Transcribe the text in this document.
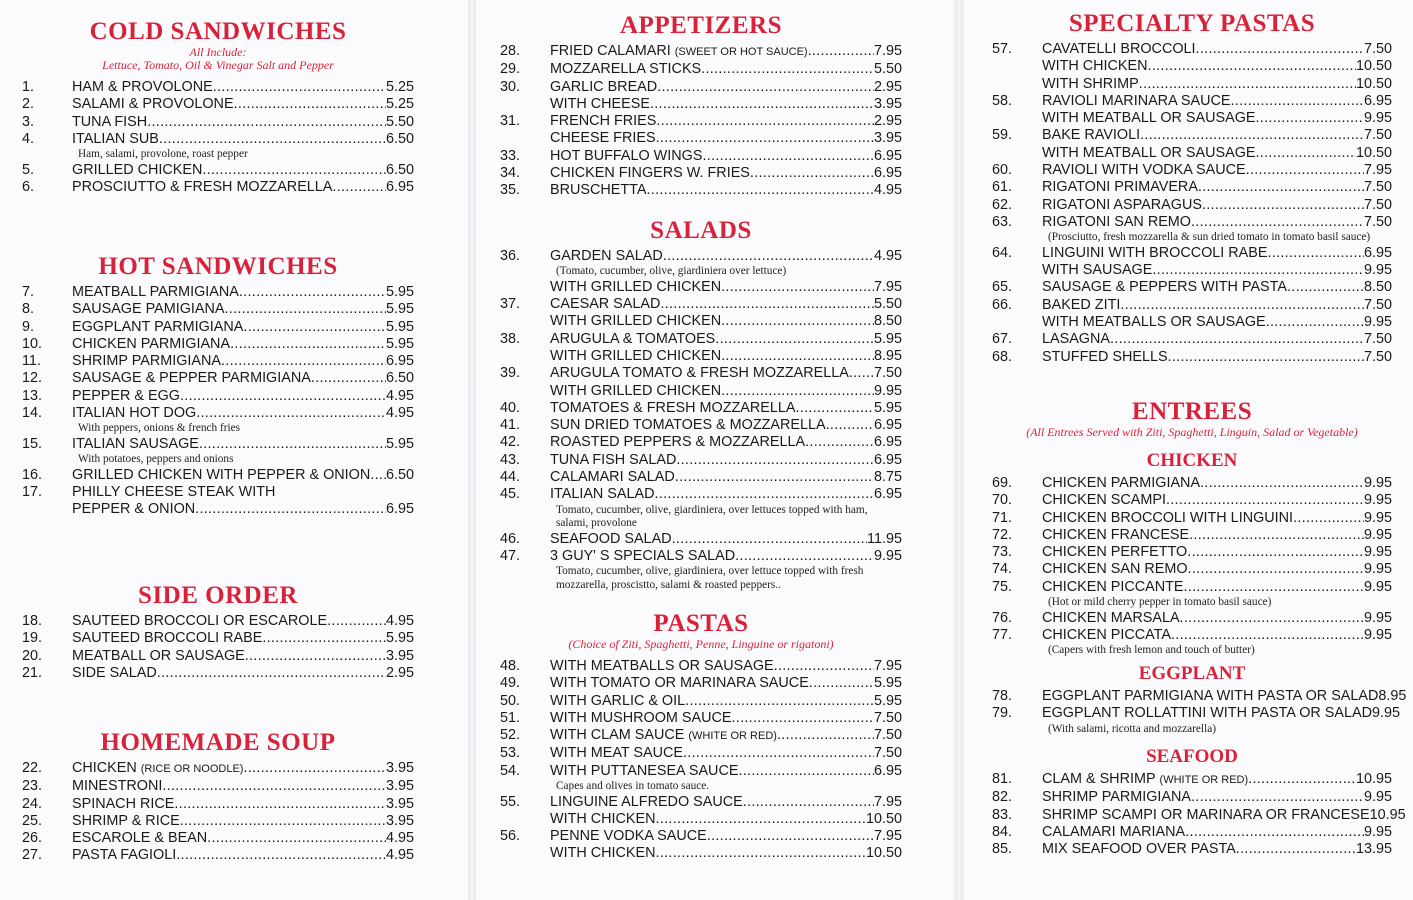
COLD SANDWICHES
All Include:
Lettuce, Tomato, Oil & Vinegar Salt and Pepper
1.	HAM & PROVOLONE .....	5.25
2.	SALAMI & PROVOLONE .....	5.25
3.	TUNA FISH .....	5.50
4.	ITALIAN SUB .....	6.50
Ham, salami, provolone, roast pepper
5.	GRILLED CHICKEN .....	6.50
6.	PROSCIUTTO & FRESH MOZZARELLA .....	6.95
HOT SANDWICHES
7.	MEATBALL PARMIGIANA .....	5.95
8.	SAUSAGE PAMIGIANA .....	5.95
9.	EGGPLANT PARMIGIANA .....	5.95
10.	CHICKEN PARMIGIANA .....	5.95
11.	SHRIMP PARMIGIANA .....	6.95
12.	SAUSAGE & PEPPER PARMIGIANA .....	6.50
13.	PEPPER & EGG .....	4.95
14.	ITALIAN HOT DOG .....	4.95
With peppers, onions & french fries
15.	ITALIAN SAUSAGE .....	5.95
With potatoes, peppers and onions
16.	GRILLED CHICKEN WITH PEPPER & ONION ..... 6.50
17.	PHILLY CHEESE STEAK WITH
PEPPER & ONION .....	6.95
SIDE ORDER
18.	SAUTEED BROCCOLI OR ESCAROLE .....	4.95
19.	SAUTEED BROCCOLI RABE .....	5.95
20.	MEATBALL OR SAUSAGE .....	3.95
21.	SIDE SALAD .....	2.95
HOMEMADE SOUP
22.	CHICKEN (RICE OR NOODLE) .....	3.95
23.	MINESTRONI .....	3.95
24.	SPINACH RICE .....	3.95
25.	SHRIMP & RICE .....	3.95
26.	ESCAROLE & BEAN .....	4.95
27.	PASTA FAGIOLI .....	4.95
APPETIZERS
28.	FRIED CALAMARI (SWEET OR HOT SAUCE) .....	7.95
29.	MOZZARELLA STICKS .....	5.50
30.	GARLIC BREAD .....	2.95
WITH CHEESE .....	3.95
31.	FRENCH FRIES .....	2.95
CHEESE FRIES .....	3.95
33.	HOT BUFFALO WINGS .....	6.95
34.	CHICKEN FINGERS W. FRIES .....	6.95
35.	BRUSCHETTA .....	4.95
SALADS
36.	GARDEN SALAD .....	4.95
(Tomato, cucumber, olive, giardiniera over lettuce)
WITH GRILLED CHICKEN .....	7.95
37.	CAESAR SALAD .....	5.50
WITH GRILLED CHICKEN .....	8.50
38.	ARUGULA & TOMATOES .....	5.95
WITH GRILLED CHICKEN .....	8.95
39.	ARUGULA TOMATO & FRESH MOZZARELLA ..... 7.50
WITH GRILLED CHICKEN .....	9.95
40.	TOMATOES & FRESH MOZZARELLA .....	5.95
41.	SUN DRIED TOMATOES & MOZZARELLA .....	6.95
42.	ROASTED PEPPERS & MOZZARELLA .....	6.95
43.	TUNA FISH SALAD .....	6.95
44.	CALAMARI SALAD .....	8.75
45.	ITALIAN SALAD .....	6.95
Tomato, cucumber, olive, giardiniera, over lettuces topped with ham, salami, provolone
46.	SEAFOOD SALAD .....	11.95
47.	3 GUY' S SPECIALS SALAD .....	9.95
Tomato, cucumber, olive, giardiniera, over lettuce topped with fresh mozzarella, proscistto, salami & roasted peppers..
PASTAS
(Choice of Ziti, Spaghetti, Penne, Linguine or rigatoni)
48.	WITH MEATBALLS OR SAUSAGE .....	7.95
49.	WITH TOMATO OR MARINARA SAUCE .....	5.95
50.	WITH GARLIC & OIL .....	5.95
51.	WITH MUSHROOM SAUCE .....	7.50
52.	WITH CLAM SAUCE (WHITE OR RED) .....	7.50
53.	WITH MEAT SAUCE .....	7.50
54.	WITH PUTTANESEA SAUCE .....	6.95
Capes and olives in tomato sauce.
55.	LINGUINE ALFREDO SAUCE .....	7.95
WITH CHICKEN .....	10.50
56.	PENNE VODKA SAUCE .....	7.95
WITH CHICKEN .....	10.50
SPECIALTY PASTAS
57.	CAVATELLI BROCCOLI .....	7.50
WITH CHICKEN .....	10.50
WITH SHRIMP .....	10.50
58.	RAVIOLI MARINARA SAUCE .....	6.95
WITH MEATBALL OR SAUSAGE .....	9.95
59.	BAKE RAVIOLI .....	7.50
WITH MEATBALL OR SAUSAGE .....	10.50
60.	RAVIOLI WITH VODKA SAUCE .....	7.95
61.	RIGATONI PRIMAVERA .....	7.50
62.	RIGATONI ASPARAGUS .....	7.50
63.	RIGATONI SAN REMO .....	7.50
(Prosciutto, fresh mozzarella & sun dried tomato in tomato basil sauce)
64.	LINGUINI WITH BROCCOLI RABE .....	6.95
WITH SAUSAGE .....	9.95
65.	SAUSAGE & PEPPERS WITH PASTA .....	8.50
66.	BAKED ZITI .....	7.50
WITH MEATBALLS OR SAUSAGE .....	9.95
67.	LASAGNA .....	7.50
68.	STUFFED SHELLS .....	7.50
ENTREES
(All Entrees Served with Ziti, Spaghetti, Linguin, Salad or Vegetable)
CHICKEN
69.	CHICKEN PARMIGIANA .....	9.95
70.	CHICKEN SCAMPI .....	9.95
71.	CHICKEN BROCCOLI WITH LINGUINI .....	9.95
72.	CHICKEN FRANCESE .....	9.95
73.	CHICKEN PERFETTO .....	9.95
74.	CHICKEN SAN REMO .....	9.95
75.	CHICKEN PICCANTE .....	9.95
(Hot or mild cherry pepper in tomato basil sauce)
76.	CHICKEN MARSALA .....	9.95
77.	CHICKEN PICCATA .....	9.95
(Capers with fresh lemon and touch of butter)
EGGPLANT
78.	EGGPLANT PARMIGIANA WITH PASTA OR SALAD 8.95
79.	EGGPLANT ROLLATTINI WITH PASTA OR SALAD 9.95
(With salami, ricotta and mozzarella)
SEAFOOD
81.	CLAM & SHRIMP (WHITE OR RED) .....	10.95
82.	SHRIMP PARMIGIANA .....	9.95
83.	SHRIMP SCAMPI OR MARINARA OR FRANCESE 10.95
84.	CALAMARI MARIANA .....	9.95
85.	MIX SEAFOOD OVER PASTA .....	13.95
